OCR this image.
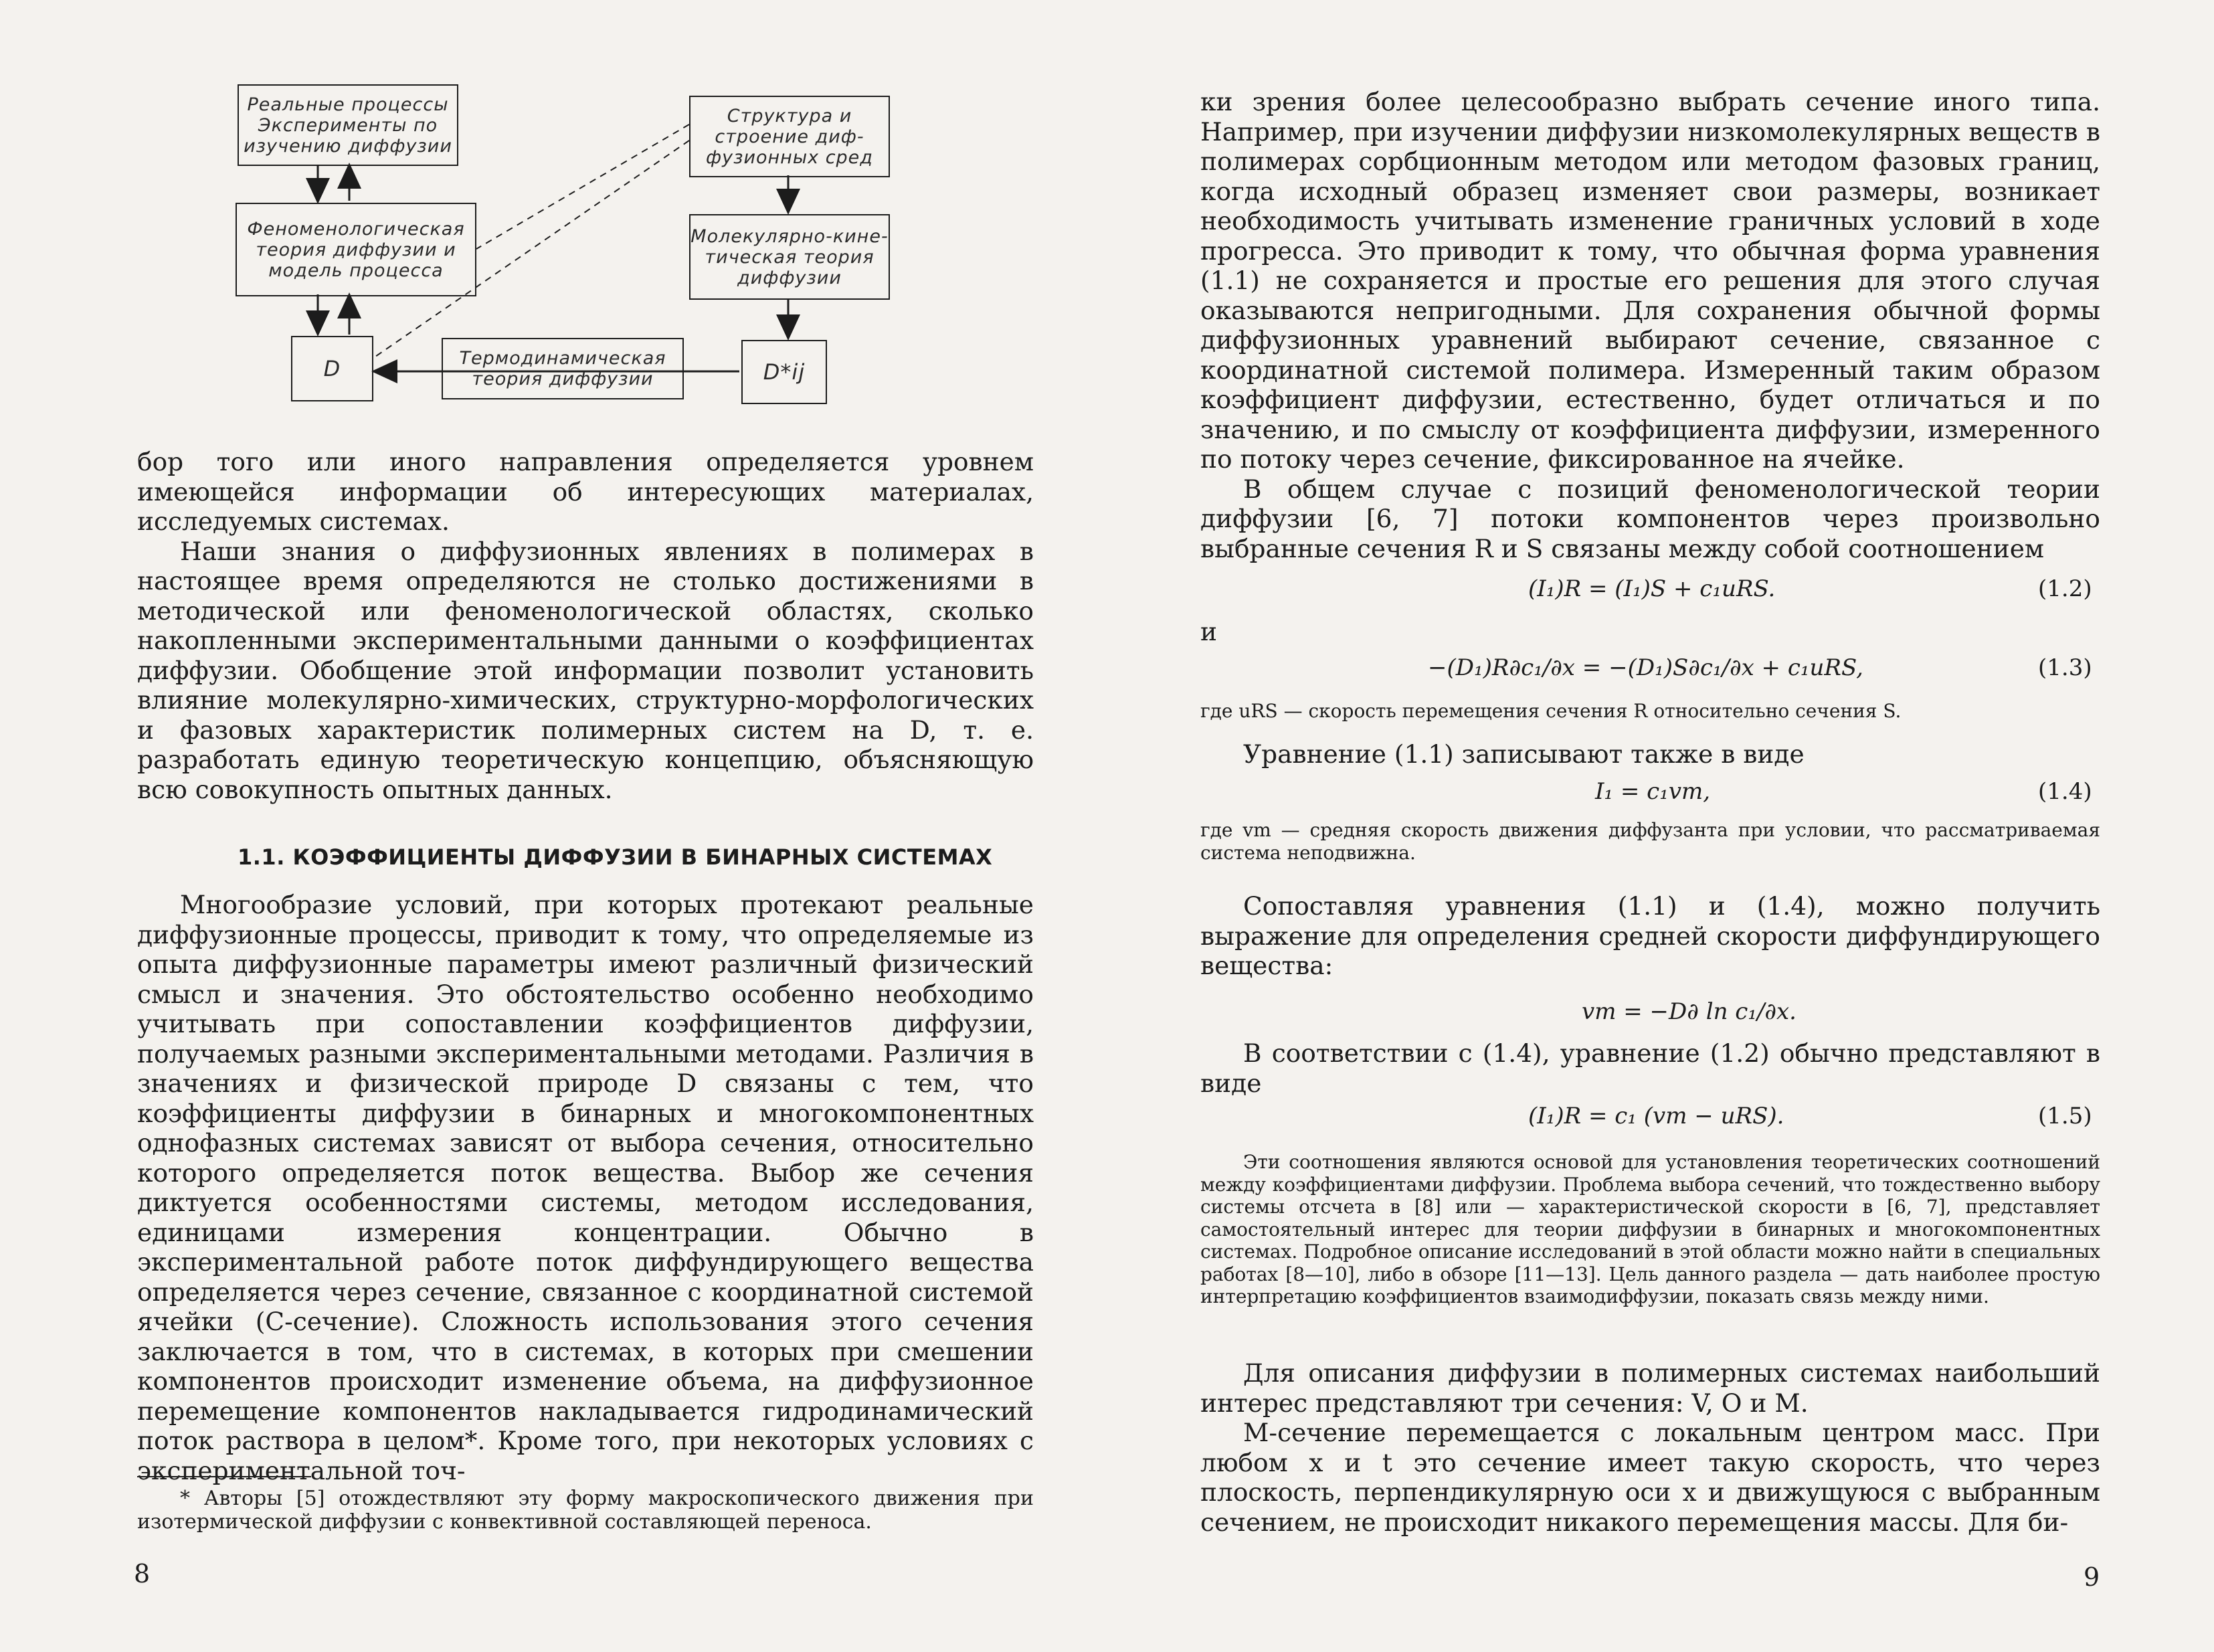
Реальные процессы Эксперименты по изучению диффузии
Структура и строение диф-фузионных сред
Феноменологическая теория диффузии и модель процесса
Молекулярно-кине-тическая теория диффузии
D	Термодинамическая теория диффузии	D*ij

бор того или иного направления определяется уровнем имеющейся информации об интересующих материалах, исследуемых системах.

Наши знания о диффузионных явлениях в полимерах в настоящее время определяются не столько достижениями в методической или феноменологической областях, сколько накопленными экспериментальными данными о коэффициентах диффузии. Обобщение этой информации позволит установить влияние молекулярно-химических, структурно-морфологических и фазовых характеристик полимерных систем на D, т. е. разработать единую теоретическую концепцию, объясняющую всю совокупность опытных данных.

1.1. КОЭФФИЦИЕНТЫ ДИФФУЗИИ В БИНАРНЫХ СИСТЕМАХ

Многообразие условий, при которых протекают реальные диффузионные процессы, приводит к тому, что определяемые из опыта диффузионные параметры имеют различный физический смысл и значения. Это обстоятельство особенно необходимо учитывать при сопоставлении коэффициентов диффузии, получаемых разными экспериментальными методами. Различия в значениях и физической природе D связаны с тем, что коэффициенты диффузии в бинарных и многокомпонентных однофазных системах зависят от выбора сечения, относительно которого определяется поток вещества. Выбор же сечения диктуется особенностями системы, методом исследования, единицами измерения концентрации. Обычно в экспериментальной работе поток диффундирующего вещества определяется через сечение, связанное с координатной системой ячейки (С-сечение). Сложность использования этого сечения заключается в том, что в системах, в которых при смешении компонентов происходит изменение объема, на диффузионное перемещение компонентов накладывается гидродинамический поток раствора в целом*. Кроме того, при некоторых условиях с экспериментальной точ-

* Авторы [5] отождествляют эту форму макроскопического движения при изотермической диффузии с конвективной составляющей переноса.

8

ки зрения более целесообразно выбрать сечение иного типа. Например, при изучении диффузии низкомолекулярных веществ в полимерах сорбционным методом или методом фазовых границ, когда исходный образец изменяет свои размеры, возникает необходимость учитывать изменение граничных условий в ходе прогресса. Это приводит к тому, что обычная форма уравнения (1.1) не сохраняется и простые его решения для этого случая оказываются непригодными. Для сохранения обычной формы диффузионных уравнений выбирают сечение, связанное с координатной системой полимера. Измеренный таким образом коэффициент диффузии, естественно, будет отличаться и по значению, и по смыслу от коэффициента диффузии, измеренного по потоку через сечение, фиксированное на ячейке.

В общем случае с позиций феноменологической теории диффузии [6, 7] потоки компонентов через произвольно выбранные сечения R и S связаны между собой соотношением

(I₁)R = (I₁)S + c₁uRS.	(1.2)
и
−(D₁)R∂c₁/∂x = −(D₁)S∂c₁/∂x + c₁uRS,	(1.3)
где uRS — скорость перемещения сечения R относительно сечения S.

Уравнение (1.1) записывают также в виде

I₁ = c₁vm,	(1.4)
где vm — средняя скорость движения диффузанта при условии, что рассматриваемая система неподвижна.

Сопоставляя уравнения (1.1) и (1.4), можно получить выражение для определения средней скорости диффундирующего вещества:

vm = −D∂ ln c₁/∂x.

В соответствии с (1.4), уравнение (1.2) обычно представляют в виде

(I₁)R = c₁ (vm − uRS).	(1.5)

Эти соотношения являются основой для установления теоретических соотношений между коэффициентами диффузии. Проблема выбора сечений, что тождественно выбору системы отсчета в [8] или — характеристической скорости в [6, 7], представляет самостоятельный интерес для теории диффузии в бинарных и многокомпонентных системах. Подробное описание исследований в этой области можно найти в специальных работах [8—10], либо в обзоре [11—13]. Цель данного раздела — дать наиболее простую интерпретацию коэффициентов взаимодиффузии, показать связь между ними.

Для описания диффузии в полимерных системах наибольший интерес представляют три сечения: V, O и M.

М-сечение перемещается с локальным центром масс. При любом x и t это сечение имеет такую скорость, что через плоскость, перпендикулярную оси x и движущуюся с выбранным сечением, не происходит никакого перемещения массы. Для би-

9
